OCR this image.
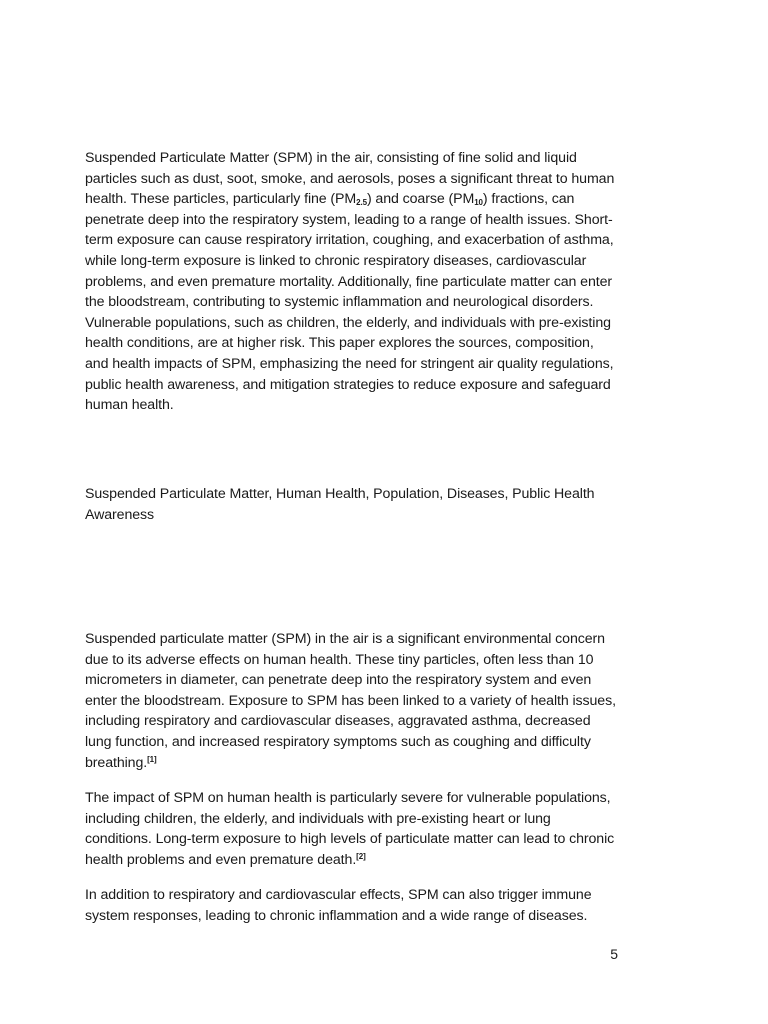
Suspended Particulate Matter (SPM) in the air, consisting of fine solid and liquid particles such as dust, soot, smoke, and aerosols, poses a significant threat to human health. These particles, particularly fine $(PM_{2.5})$ and coarse $(PM_{10})$ fractions, can penetrate deep into the respiratory system, leading to a range of health issues. Short-term exposure can cause respiratory irritation, coughing, and exacerbation of asthma, while long-term exposure is linked to chronic respiratory diseases, cardiovascular problems, and even premature mortality. Additionally, fine particulate matter can enter the bloodstream, contributing to systemic inflammation and neurological disorders. Vulnerable populations, such as children, the elderly, and individuals with pre-existing health conditions, are at higher risk. This paper explores the sources, composition, and health impacts of SPM, emphasizing the need for stringent air quality regulations, public health awareness, and mitigation strategies to reduce exposure and safeguard human health.

Suspended Particulate Matter, Human Health, Population, Diseases, Public Health Awareness

Suspended particulate matter (SPM) in the air is a significant environmental concern due to its adverse effects on human health. These tiny particles, often less than 10 micrometers in diameter, can penetrate deep into the respiratory system and even enter the bloodstream. Exposure to SPM has been linked to a variety of health issues, including respiratory and cardiovascular diseases, aggravated asthma, decreased lung function, and increased respiratory symptoms such as coughing and difficulty breathing.[1]

The impact of SPM on human health is particularly severe for vulnerable populations, including children, the elderly, and individuals with pre-existing heart or lung conditions. Long-term exposure to high levels of particulate matter can lead to chronic health problems and even premature death.[2]

In addition to respiratory and cardiovascular effects, SPM can also trigger immune system responses, leading to chronic inflammation and a wide range of diseases.

5
